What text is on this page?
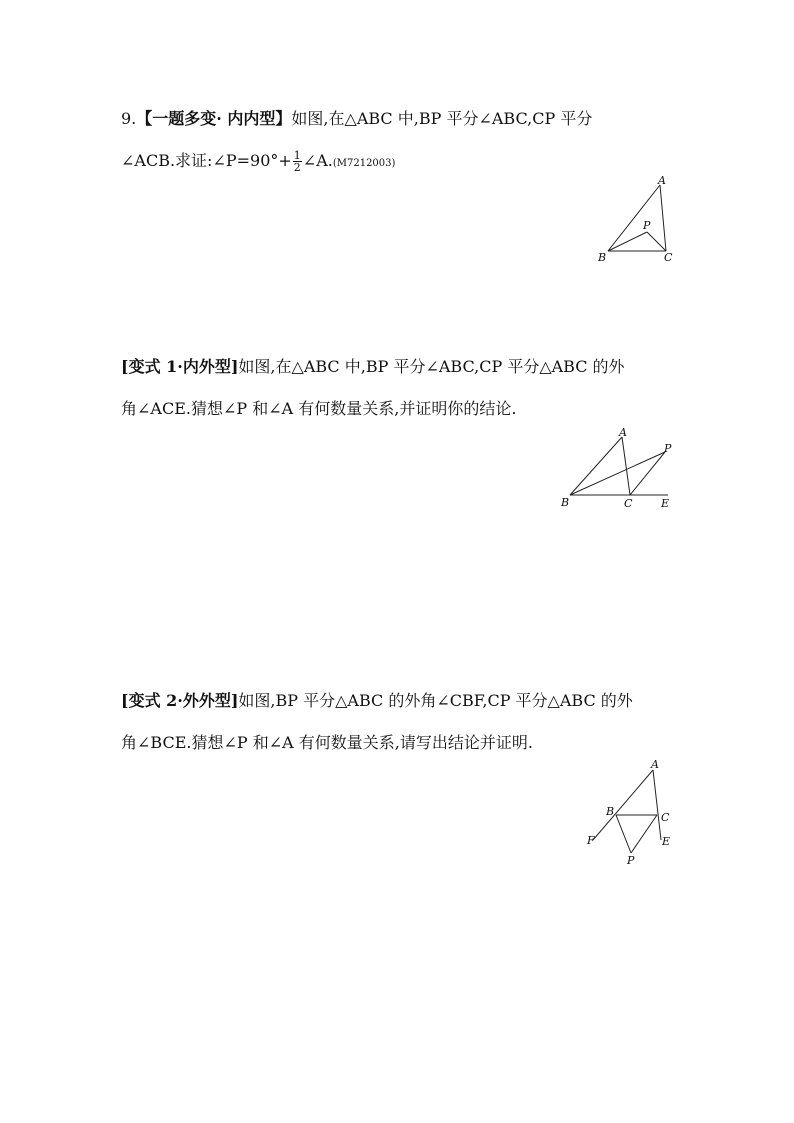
9.【一题多变· 内内型】如图,在△ABC 中,BP 平分∠ABC,CP 平分
∠ACB.求证:∠P=90°+ $\frac{1}{2}$ ∠A.(M7212003)
A
P
B	C
[变式 1·内外型]如图,在△ABC 中,BP 平分∠ABC,CP 平分△ABC 的外
角∠ACE.猜想∠P 和∠A 有何数量关系,并证明你的结论.
A
P
B	C	E
[变式 2·外外型]如图,BP 平分△ABC 的外角∠CBF,CP 平分△ABC 的外
角∠BCE.猜想∠P 和∠A 有何数量关系,请写出结论并证明.
A
B	C
F	E
P
